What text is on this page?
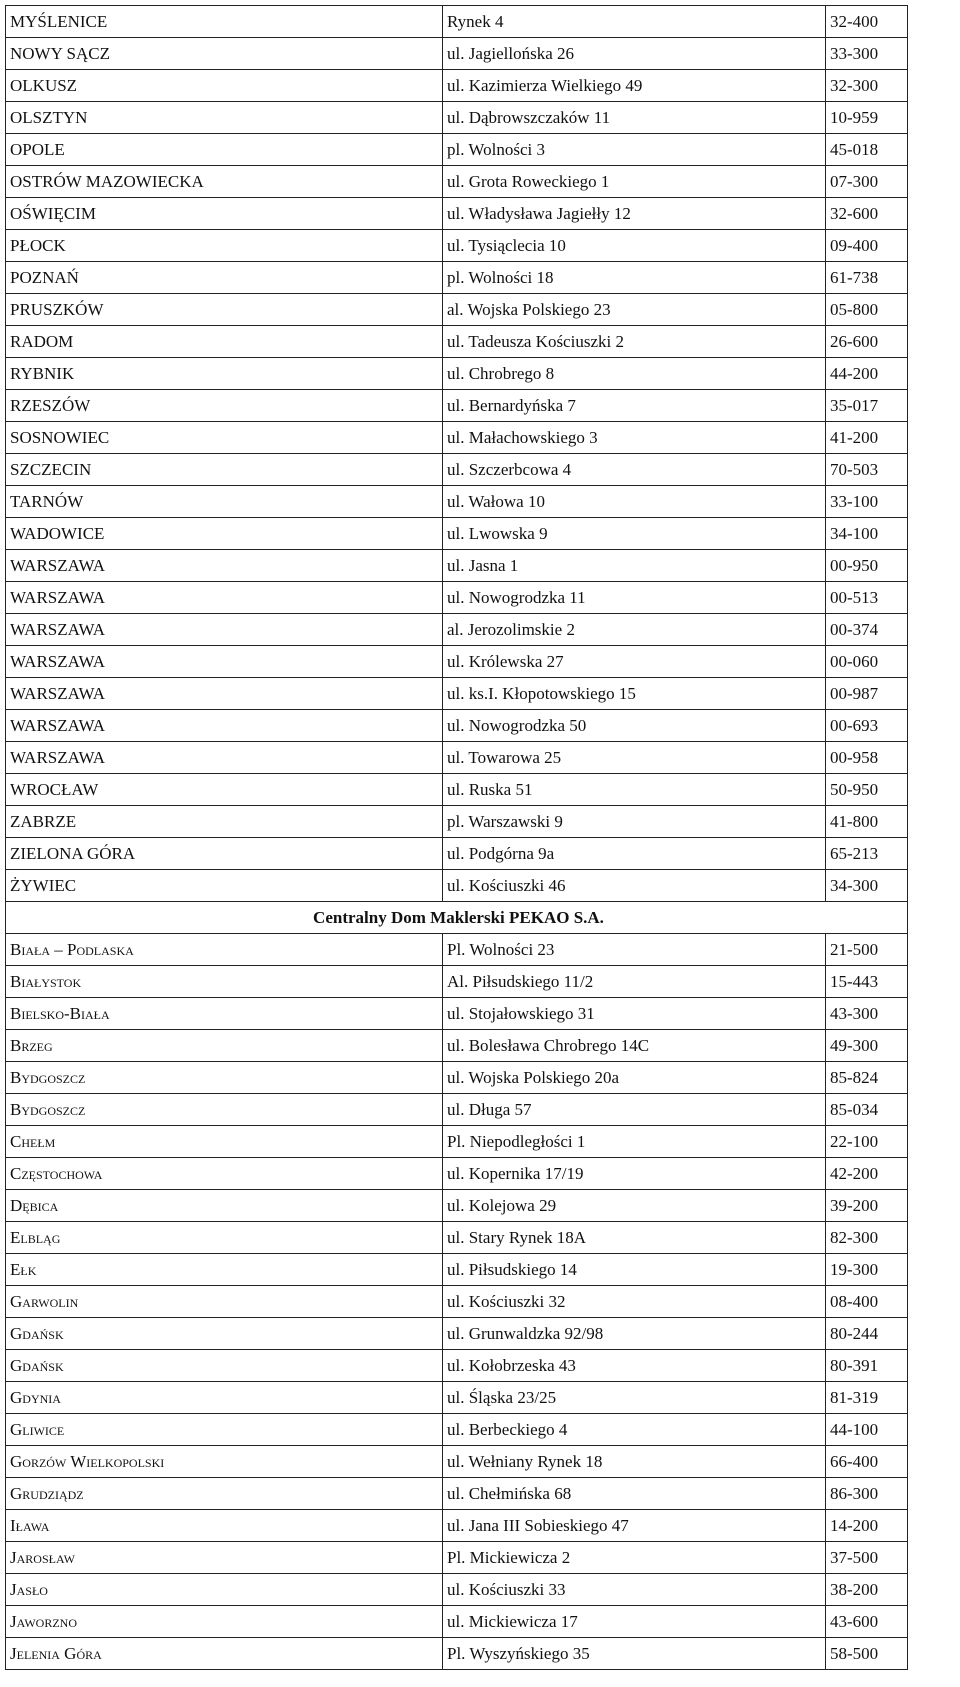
MYŚLENICE	Rynek 4	32-400
NOWY SĄCZ	ul. Jagiellońska 26	33-300
OLKUSZ	ul. Kazimierza Wielkiego 49	32-300
OLSZTYN	ul. Dąbrowszczaków 11	10-959
OPOLE	pl. Wolności 3	45-018
OSTRÓW MAZOWIECKA	ul. Grota Roweckiego 1	07-300
OŚWIĘCIM	ul. Władysława Jagiełły 12	32-600
PŁOCK	ul. Tysiąclecia 10	09-400
POZNAŃ	pl. Wolności 18	61-738
PRUSZKÓW	al. Wojska Polskiego 23	05-800
RADOM	ul. Tadeusza Kościuszki 2	26-600
RYBNIK	ul. Chrobrego 8	44-200
RZESZÓW	ul. Bernardyńska 7	35-017
SOSNOWIEC	ul. Małachowskiego 3	41-200
SZCZECIN	ul. Szczerbcowa 4	70-503
TARNÓW	ul. Wałowa 10	33-100
WADOWICE	ul. Lwowska 9	34-100
WARSZAWA	ul. Jasna 1	00-950
WARSZAWA	ul. Nowogrodzka 11	00-513
WARSZAWA	al. Jerozolimskie 2	00-374
WARSZAWA	ul. Królewska 27	00-060
WARSZAWA	ul. ks.I. Kłopotowskiego 15	00-987
WARSZAWA	ul. Nowogrodzka 50	00-693
WARSZAWA	ul. Towarowa 25	00-958
WROCŁAW	ul. Ruska 51	50-950
ZABRZE	pl. Warszawski 9	41-800
ZIELONA GÓRA	ul. Podgórna 9a	65-213
ŻYWIEC	ul. Kościuszki 46	34-300
Centralny Dom Maklerski PEKAO S.A.		
Biała – Podlaska	Pl. Wolności 23	21-500
Białystok	Al. Piłsudskiego 11/2	15-443
Bielsko-Biała	ul. Stojałowskiego 31	43-300
Brzeg	ul. Bolesława Chrobrego 14C	49-300
Bydgoszcz	ul. Wojska Polskiego 20a	85-824
Bydgoszcz	ul. Długa 57	85-034
Chełm	Pl. Niepodległości 1	22-100
Częstochowa	ul. Kopernika 17/19	42-200
Dębica	ul. Kolejowa 29	39-200
Elbląg	ul. Stary Rynek 18A	82-300
Ełk	ul. Piłsudskiego 14	19-300
Garwolin	ul. Kościuszki 32	08-400
Gdańsk	ul. Grunwaldzka 92/98	80-244
Gdańsk	ul. Kołobrzeska 43	80-391
Gdynia	ul. Śląska 23/25	81-319
Gliwice	ul. Berbeckiego 4	44-100
Gorzów Wielkopolski	ul. Wełniany Rynek 18	66-400
Grudziądz	ul. Chełmińska 68	86-300
Iława	ul. Jana III Sobieskiego 47	14-200
Jarosław	Pl. Mickiewicza 2	37-500
Jasło	ul. Kościuszki 33	38-200
Jaworzno	ul. Mickiewicza 17	43-600
Jelenia Góra	Pl. Wyszyńskiego 35	58-500
